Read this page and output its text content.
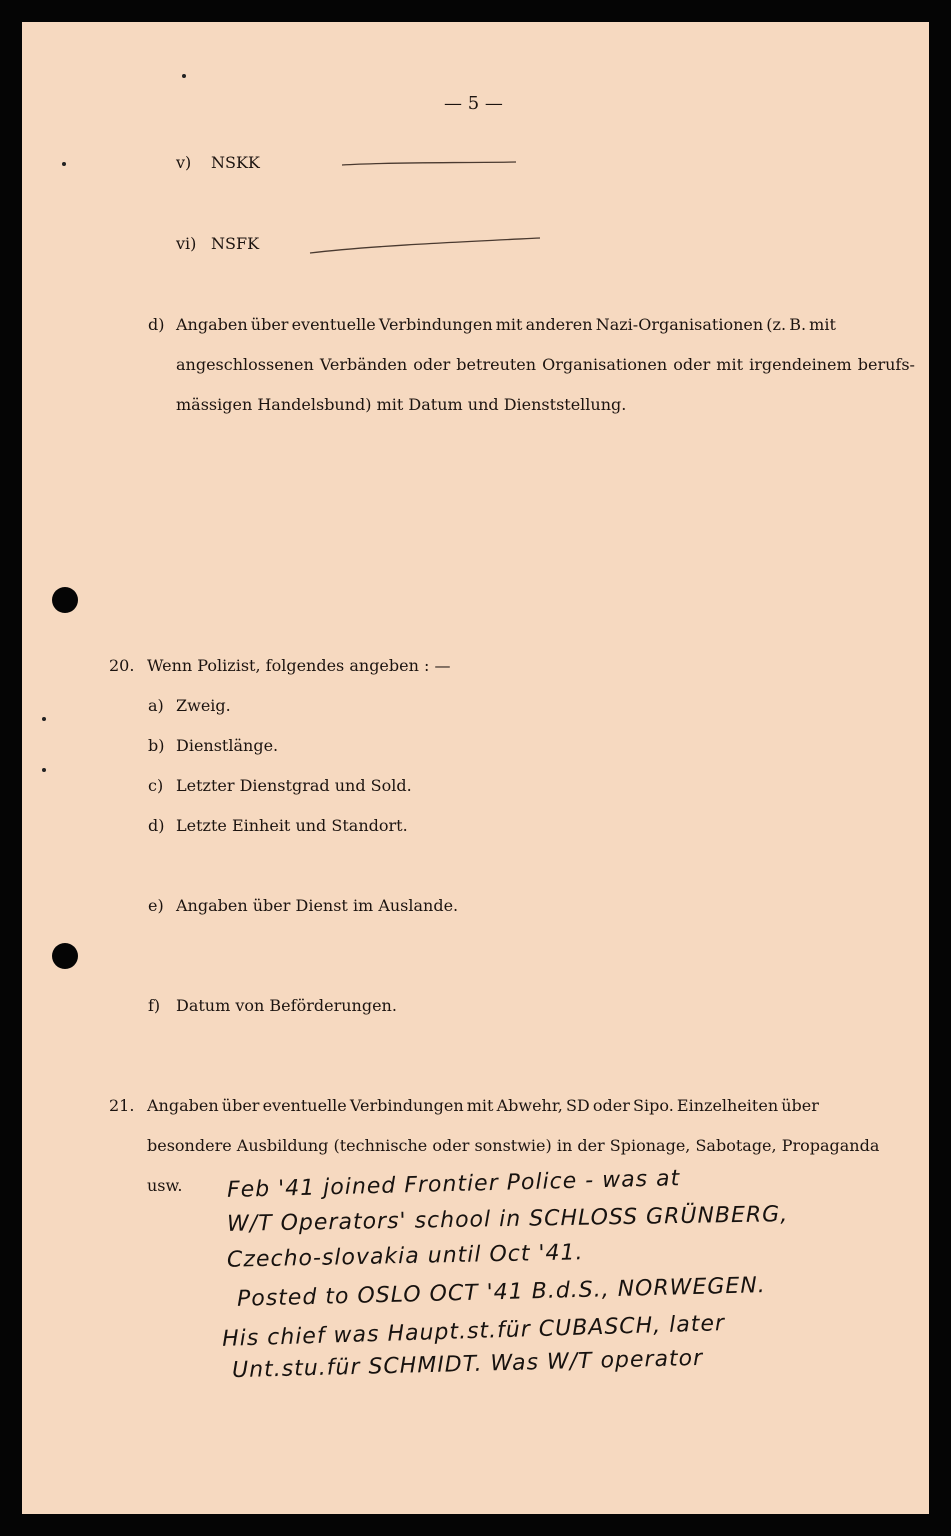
— 5 —
v) NSKK
vi) NSFK
d) Angaben über eventuelle Verbindungen mit anderen Nazi-Organisationen (z. B. mit
angeschlossenen Verbänden oder betreuten Organisationen oder mit irgendeinem berufs-
mässigen Handelsbund) mit Datum und Dienststellung.
20. Wenn Polizist, folgendes angeben : —
a) Zweig.
b) Dienstlänge.
c) Letzter Dienstgrad und Sold.
d) Letzte Einheit und Standort.
e) Angaben über Dienst im Auslande.
f) Datum von Beförderungen.
21. Angaben über eventuelle Verbindungen mit Abwehr, SD oder Sipo. Einzelheiten über
besondere Ausbildung (technische oder sonstwie) in der Spionage, Sabotage, Propaganda
usw. Feb '41 joined Frontier Police - was at
W/T Operators' school in SCHLOSS GRÜNBERG,
Czecho-slovakia until Oct '41.
Posted to OSLO OCT '41 B.d.S., NORWEGEN.
His chief was Haupt.st.für CUBASCH, later
Unt.stu.für SCHMIDT. Was W/T operator
